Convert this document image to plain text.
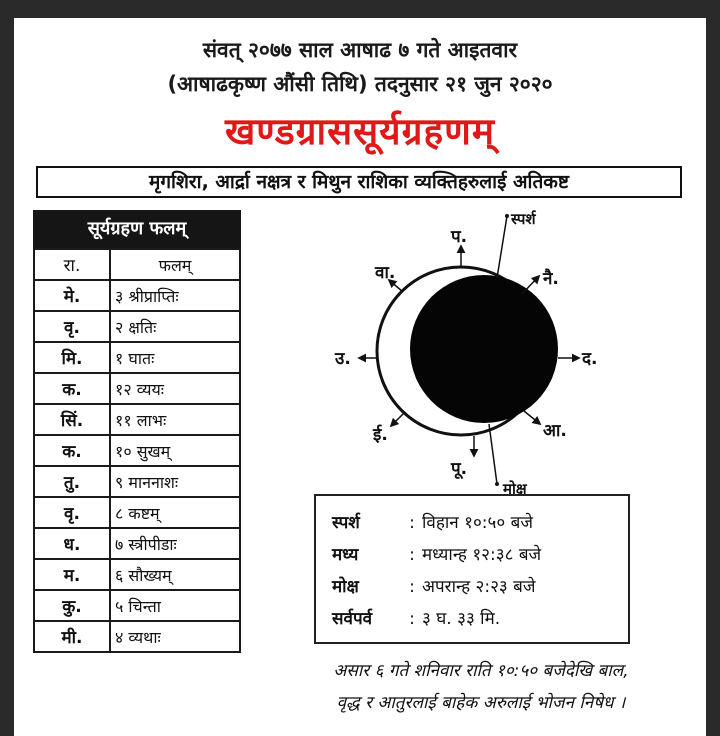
संवत् २०७७ साल आषाढ ७ गते आइतवार
(आषाढकृष्ण औंसी तिथि) तदनुसार २१ जुन २०२०
खण्डग्राससूर्यग्रहणम्
मृगशिरा, आर्द्रा नक्षत्र र मिथुन राशिका व्यक्तिहरुलाई अतिकष्ट
सूर्यग्रहण फलम्
रा.	फलम्
मे.	३ श्रीप्राप्तिः
वृ.	२ क्षतिः
मि.	१ घातः
क.	१२ व्ययः
सिं.	११ लाभः
क.	१० सुखम्
तु.	९ माननाशः
वृ.	८ कष्टम्
ध.	७ स्त्रीपीडाः
म.	६ सौख्यम्
कु.	५ चिन्ता
मी.	४ व्यथाः
स्पर्श
मोक्ष
प.
वा.	नै.
उ.	द.
ई.	आ.
पू.
स्पर्श	: विहान १०:५० बजे
मध्य	: मध्यान्ह १२:३८ बजे
मोक्ष	: अपरान्ह २:२३ बजे
सर्वपर्व : ३ घ. ३३ मि.
असार ६ गते शनिवार राति १०:५० बजेदेखि बाल,
वृद्ध र आतुरलाई बाहेक अरुलाई भोजन निषेध ।
